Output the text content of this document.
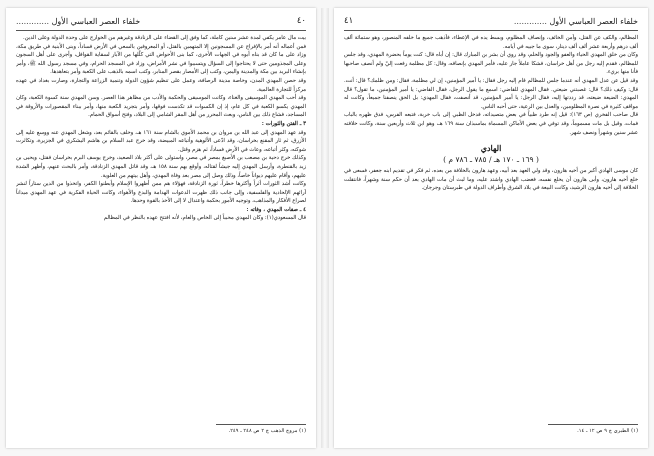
٤٠
خلفاء العصر العباسي الأول .............

بيت مال عامر يكفي لمدة عشر سنين كاملة، كما وفق إلى القضاء على الزنادقة وغيرهم من الخوارج على وحدة الدولة وعلى الدين.

فمن أعماله أنه أمر بالإفراج عن المسجونين إلا المتهمين بالقتل، أو المعروفين بالسعي في الأرض فساداً، وبنى الأبنية في طريق مكة، وزاد على ما كان قد بناه أبوه في الجهات الأخرى، كما بنى الأحواض التي كلّلها من الآبار لسقاية القوافل، وأجرى على أهل السجون وعلى المجذومين حتى لا يحتاجوا إلى السؤال ويتسببوا في نشر الأمراض، وزاد في المسجد الحرام، وفي مسجد رسول الله ﷺ، وأمر بإنشاء البريد بين مكة والمدينة واليمن، وكتب إلى الأمصار بقصر المنابر، وكتب اسمه بالذهب على الكعبة وأمر بتعاهدها.

وقد حصن المهدي المدن، وخاصة مدينة الرصافة، وعمل على تنظيم شؤون الدولة وتنمية الزراعة والتجارة، وصارت بغداد في عهده مركزاً للتجارة العالمية.

وقد أحب المهدي الموسيقى والغناء، وكانت الموسيقى والحكمة والأدب من مظاهر هذا العصر. وسن المهدي سنة كسوة الكعبة، وكان المهدي يكسو الكعبة في كل عام، إذ إن الكسوات قد تكدست فوقها، وأمر بتجريد الكعبة منها، وأمر ببناء المقصورات والأروقة في المساجد، فشاع ذلك بين الناس، وبعث المحرر من أهل المقر الشامي إلى البلاد، وفتح أسواق الحمام.

٣ ـ الفتن والثورات :

وقد عهد المهدي إلى عبد الله بن مروان بن محمد الأموي بالشام سنة ١٦١ هـ، وخلف بالقائم بعد، وشغل المهدي عنه ووسع عليه إلى الأزرق، ثم ثار المقنع بخراسان، وقد ادّعى الألوهية وأتباعه المبيضة، وقد خرج عبد السلام بن هاشم اليشكري في الجزيرة، وتكاثرت شوكته، وكثر أتباعه، وعاث في الأرض فساداً، ثم هزم وقتل.

وكذلك خرج دحية بن مصعب بن الأصبغ بمصر في مصر، واستولى على أكثر بلاد الصعيد، وخرج يوسف البرم بخراسان فقتل، ويحيى بن زيد بالقنطرة، وأرسل المهدي إليه جيشاً لقتاله، وأوقع بهم سنة ١٥٨ هـ، وقد قاتل المهدي الزنادقة، وأمر بالبحث عنهم، وأظهر الشدة عليهم، وأقام عليهم ديواناً خاصاً، وذلك وصل إلى مصر بعد وفاة المهدي، وأهل بيتهم من العلوية.

وكانت أشد الثورات أثراً وأكثرها خطراً، ثورة الزنادقة، فهؤلاء هم ممن أظهروا الإسلام وأبطنوا الكفر، واتخذوا من الدين ستاراً لنشر آرائهم الإلحادية والفلسفية، وإلى جانب ذلك ظهرت الدعوات الهدامة والبدع والأهواء، وكانت الحياة الفكرية في عهد المهدي ميداناً لصراع الأفكار والمذاهب، وتوجيه الأمور بحكمة واعتدال لا إلى الأخذ بالقوة وحدها.

٤ ـ صفات المهدي ، وفاته :

قال المسعودي(١): وكان المهدي محبباً إلى الخاص والعام، لأنه افتتح عهده بالنظر في المظالم

(١) مروج الذهب ج ٢ ص ٢٤٨ ـ ٢٤٩.
خلفاء العصر العباسي الأول .............
٤١

المظالم، والكف عن القتل، وأمن الخائف، وإنصاف المظلوم، وبسط يده في الإعطاء، فأذهب جميع ما خلفه المنصور، وهو ستمائة ألف ألف درهم وأربعة عشر ألف ألف دينار، سوى ما جبيه في أيامه.

وكان من خلق المهدي الحياء والعفو والجود والحلم، وقد روي أن بشر بن المبارك قال: إن أباه قال: كنت يوماً بحضرة المهدي، وقد جلس للمظالم، فقدم إليه رجل من أهل خراسان، فشكا عاملاً جار عليه، فأمر المهدي بإنصافه، وقال: كل مظلمة رفعت إليّ ولم أنصف صاحبها فأنا منها بريء.

وقد قيل عن عدل المهدي أنه عندما جلس للمظالم قام إليه رجل فقال: يا أمير المؤمنين، إن لي مظلمة، فقال: ومن ظلمك؟ قال: أنت. قال: وكيف ذلك؟ قال: غصبتني ضيعتي. فقال المهدي للقاضي: اسمع ما يقول الرجل، فقال القاضي: يا أمير المؤمنين، ما تقول؟ قال المهدي: الضيعة ضيعته، قد رددتها إليه، فقال الرجل: يا أمير المؤمنين، قد أنصفت، فقال المهدي: بل الحق ينصفنا جميعاً، وكانت له مواقف كثيرة في نصرة المظلومين، والعدل بين الرعية، حتى أحبه الناس.

قال صاحب الفخري (ص ١٦٣): قيل إنه طرد ظبياً في بعض متصيداته، فدخل الظبي إلى باب خربة، فتبعه الفرس، فدق ظهره بالباب فمات، وقيل بل مات مسموماً، وقد توفي في بعض الأماكن المسماة بماسبذان سنة ١٦٩ هـ، وهو ابن ثلاث وأربعين سنة، وكانت خلافته عشر سنين وشهراً ونصف شهر.

الهادي
( ١٦٩ ـ ١٧٠ هـ / ٧٨٥ ـ ٧٨٦ م )

كان موسى الهادي أكبر من أخيه هارون، وقد ولي العهد بعد أبيه، وعهد هارون بالخلافة من بعده، ثم فكر في تقديم ابنه جعفر، فسعى في خلع أخيه هارون، وأبى هارون أن يخلع نفسه، فغضب الهادي واشتد عليه، وما لبث أن مات الهادي بعد أن حكم سنة وشهراً، فانتقلت الخلافة إلى أخيه هارون الرشيد، وكانت البيعة في بلاد الشرق وأطراف الدولة في طبرستان وجرجان.

(١) الطبري ج ٩ ص ١٢ ـ ١٤.
